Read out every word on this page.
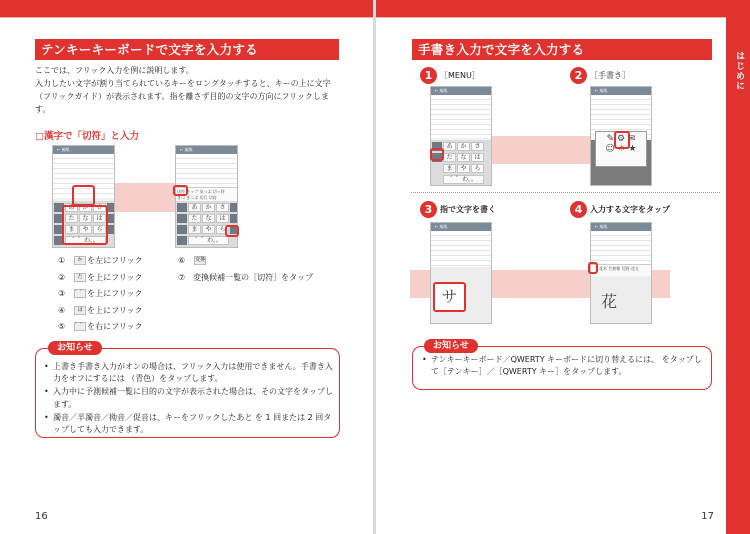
テンキーキーボードで文字を入力する
ここでは、フリック入力を例に説明します。
入力したい文字が割り当てられているキーをロングタッチすると、キーの上に文字（フリックガイド）が表示されます。指を離さず目的の文字の方向にフリックします。
□漢字で「切符」と入力
← 編集
あ	か	さ
た	な	は
ま	や	ら
゛゜わ、。
← 編集
切符 キップ 気っぷ 切っ符
きつ きっぷ 切行 切符
あ	か	さ
た	な	は
ま	や	ら
゛゜わ、。
①　 か を左にフリック
②　 た を上にフリック
③　 ゛゜ を上にフリック
④　 は を上にフリック
⑤　 ゛゜ を右にフリック
⑥　 変換
⑦　 変換候補一覧の［切符］をタップ
お知らせ
• 上書き手書き入力がオンの場合は、フリック入力は使用できません。手書き入力をオフにするには （青色）をタップします。
• 入力中に予測候補一覧に目的の文字が表示された場合は、その文字をタップします。
• 濁音／半濁音／拗音／促音は、キーをフリックしたあと を 1 回または 2 回タップしても入力できます。
16
手書き入力で文字を入力する
1 ［MENU］
← 編集
あ	か	さ
た	な	は
ま	や	ら
゛゜わ、。
2 ［手書き］
← 編集
✎ ⚙ ✉
☺ ☼ ★
3 指で文字を書く
← 編集
サ
4 入力する文字をタップ
← 編集
花木 芒熱稚 荒野 花支
花
お知らせ
• テンキーキーボード／QWERTY キーボードに切り替えるには、 をタップして［テンキー］／［QWERTY キー］をタップします。
はじめに
17
